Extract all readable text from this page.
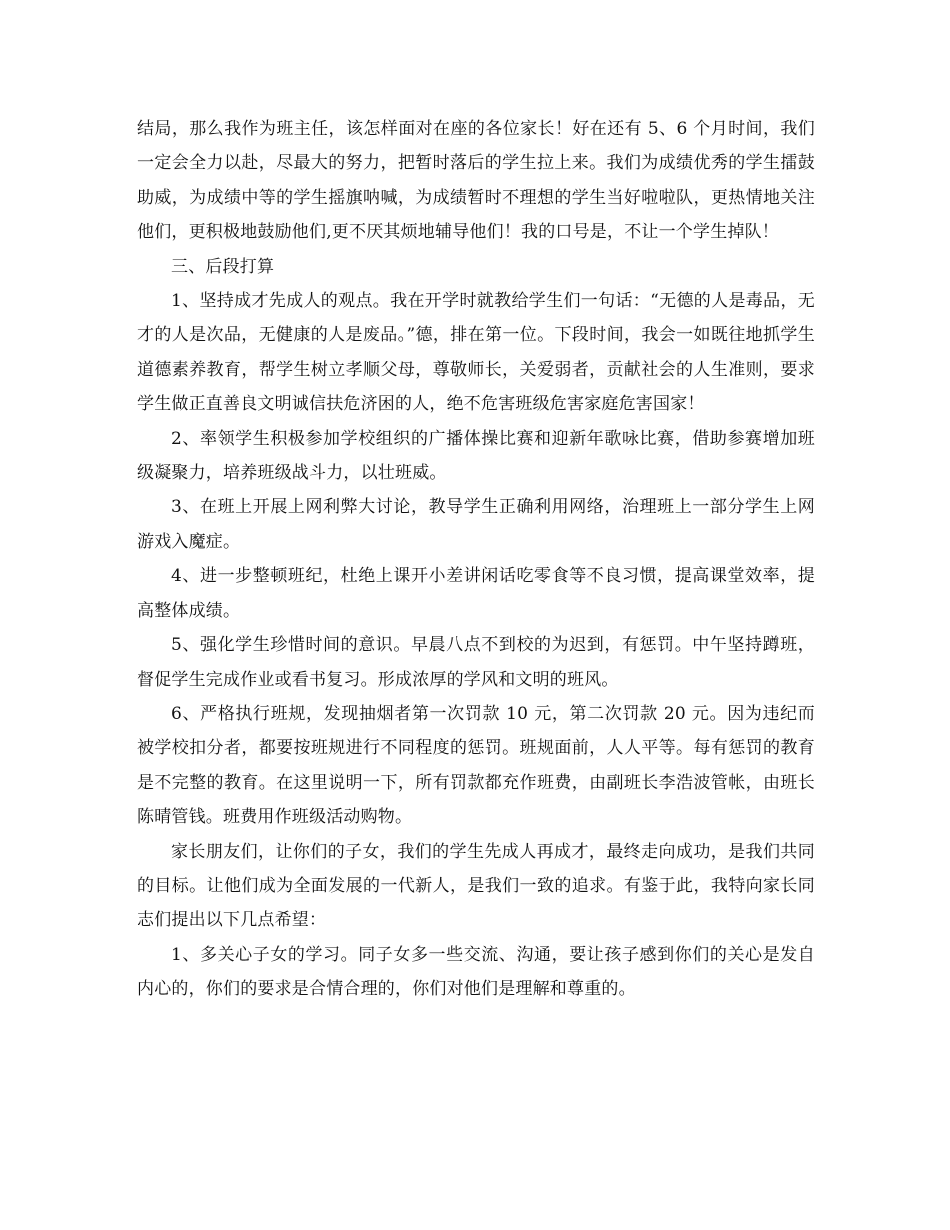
结局，那么我作为班主任，该怎样面对在座的各位家长！好在还有 5、6 个月时间，我们一定会全力以赴，尽最大的努力，把暂时落后的学生拉上来。我们为成绩优秀的学生擂鼓助威，为成绩中等的学生摇旗呐喊，为成绩暂时不理想的学生当好啦啦队，更热情地关注他们，更积极地鼓励他们,更不厌其烦地辅导他们！我的口号是，不让一个学生掉队！

三、后段打算

1、坚持成才先成人的观点。我在开学时就教给学生们一句话：“无德的人是毒品，无才的人是次品，无健康的人是废品。”德，排在第一位。下段时间，我会一如既往地抓学生道德素养教育，帮学生树立孝顺父母，尊敬师长，关爱弱者，贡献社会的人生准则，要求学生做正直善良文明诚信扶危济困的人，绝不危害班级危害家庭危害国家！

2、率领学生积极参加学校组织的广播体操比赛和迎新年歌咏比赛，借助参赛增加班级凝聚力，培养班级战斗力，以壮班威。

3、在班上开展上网利弊大讨论，教导学生正确利用网络，治理班上一部分学生上网游戏入魔症。

4、进一步整顿班纪，杜绝上课开小差讲闲话吃零食等不良习惯，提高课堂效率，提高整体成绩。

5、强化学生珍惜时间的意识。早晨八点不到校的为迟到，有惩罚。中午坚持蹲班，督促学生完成作业或看书复习。形成浓厚的学风和文明的班风。

6、严格执行班规，发现抽烟者第一次罚款 10 元，第二次罚款 20 元。因为违纪而被学校扣分者，都要按班规进行不同程度的惩罚。班规面前，人人平等。每有惩罚的教育是不完整的教育。在这里说明一下，所有罚款都充作班费，由副班长李浩波管帐，由班长陈晴管钱。班费用作班级活动购物。

家长朋友们，让你们的子女，我们的学生先成人再成才，最终走向成功，是我们共同的目标。让他们成为全面发展的一代新人，是我们一致的追求。有鉴于此，我特向家长同志们提出以下几点希望：

1、多关心子女的学习。同子女多一些交流、沟通，要让孩子感到你们的关心是发自内心的，你们的要求是合情合理的，你们对他们是理解和尊重的。
